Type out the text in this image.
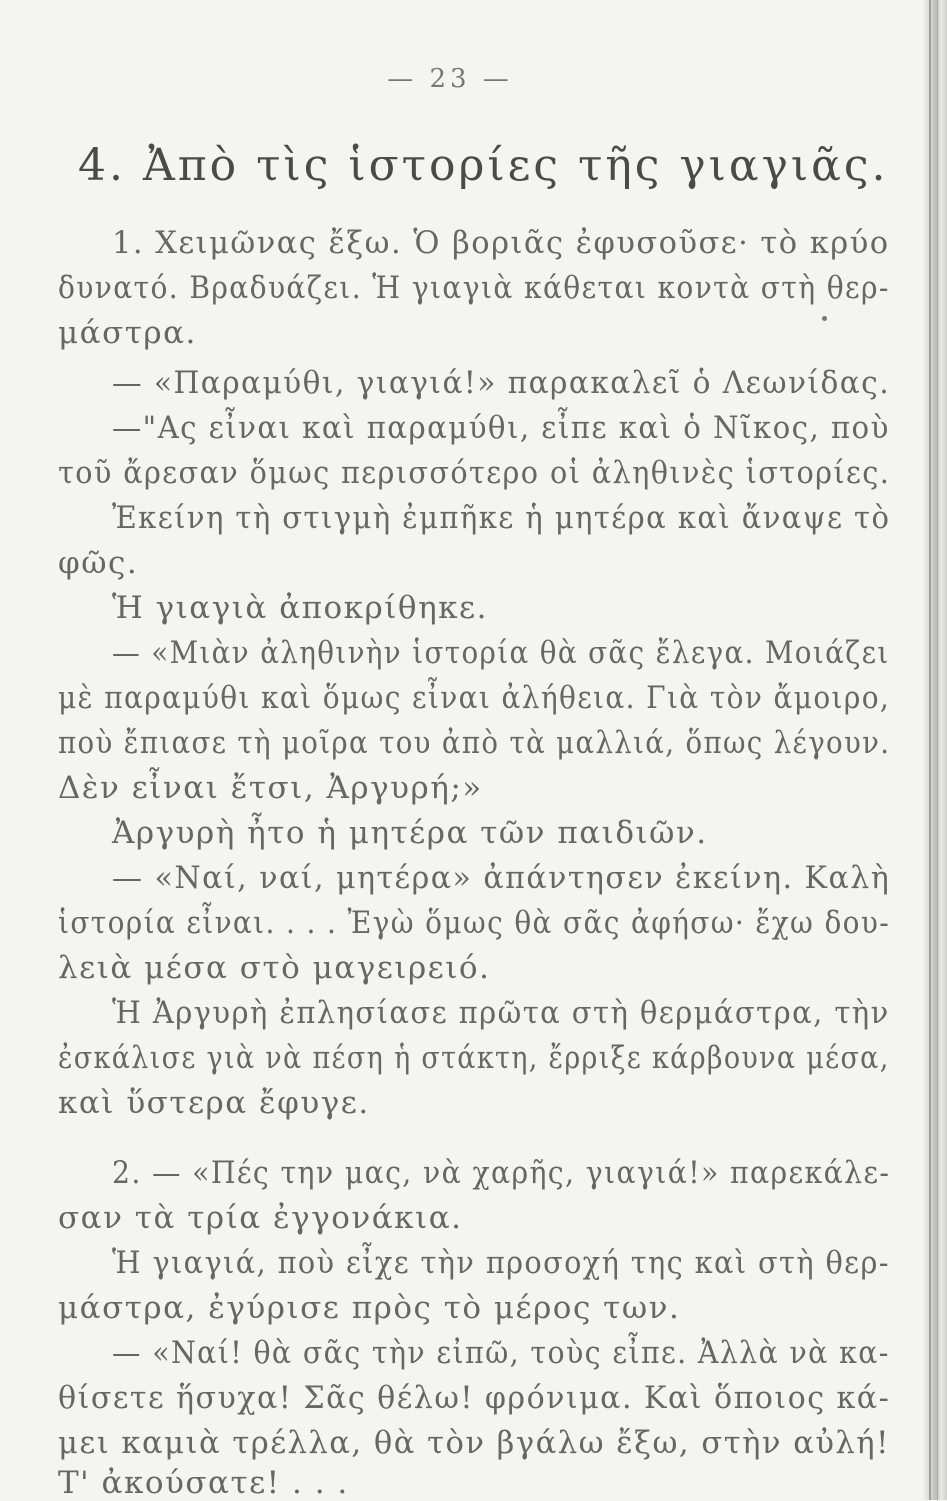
— 23 —
4. Ἀπὸ τὶς ἱστορίες τῆς γιαγιᾶς.
1. Χειμῶνας ἔξω. Ὁ βοριᾶς ἐφυσοῦσε· τὸ κρύο
δυνατό. Βραδυάζει. Ἡ γιαγιὰ κάθεται κοντὰ στὴ θερ-
μάστρα.
— «Παραμύθι, γιαγιά!» παρακαλεῖ ὁ Λεωνίδας.
—"Ας εἶναι καὶ παραμύθι, εἶπε καὶ ὁ Νῖκος, ποὺ
τοῦ ἄρεσαν ὅμως περισσότερο οἱ ἀληθινὲς ἱστορίες.
Ἐκείνη τὴ στιγμὴ ἐμπῆκε ἡ μητέρα καὶ ἄναψε τὸ
φῶς.
Ἡ γιαγιὰ ἀποκρίθηκε.
— «Μιὰν ἀληθινὴν ἱστορία θὰ σᾶς ἔλεγα. Μοιάζει
μὲ παραμύθι καὶ ὅμως εἶναι ἀλήθεια. Γιὰ τὸν ἄμοιρο,
ποὺ ἔπιασε τὴ μοῖρα του ἀπὸ τὰ μαλλιά, ὅπως λέγουν.
Δὲν εἶναι ἔτσι, Ἀργυρή;»
Ἀργυρὴ ἦτο ἡ μητέρα τῶν παιδιῶν.
— «Ναί, ναί, μητέρα» ἀπάντησεν ἐκείνη. Καλὴ
ἱστορία εἶναι. . . . Ἐγὼ ὅμως θὰ σᾶς ἀφήσω· ἔχω δου-
λειὰ μέσα στὸ μαγειρειό.
Ἡ Ἀργυρὴ ἐπλησίασε πρῶτα στὴ θερμάστρα, τὴν
ἐσκάλισε γιὰ νὰ πέση ἡ στάκτη, ἔρριξε κάρβουνα μέσα,
καὶ ὕστερα ἔφυγε.
2. — «Πές την μας, νὰ χαρῆς, γιαγιά!» παρεκάλε-
σαν τὰ τρία ἐγγονάκια.
Ἡ γιαγιά, ποὺ εἶχε τὴν προσοχή της καὶ στὴ θερ-
μάστρα, ἐγύρισε πρὸς τὸ μέρος των.
— «Ναί! θὰ σᾶς τὴν εἰπῶ, τοὺς εἶπε. Ἀλλὰ νὰ κα-
θίσετε ἥσυχα! Σᾶς θέλω! φρόνιμα. Καὶ ὅποιος κά-
μει καμιὰ τρέλλα, θὰ τὸν βγάλω ἔξω, στὴν αὐλή!
Τ' ἀκούσατε! . . .
